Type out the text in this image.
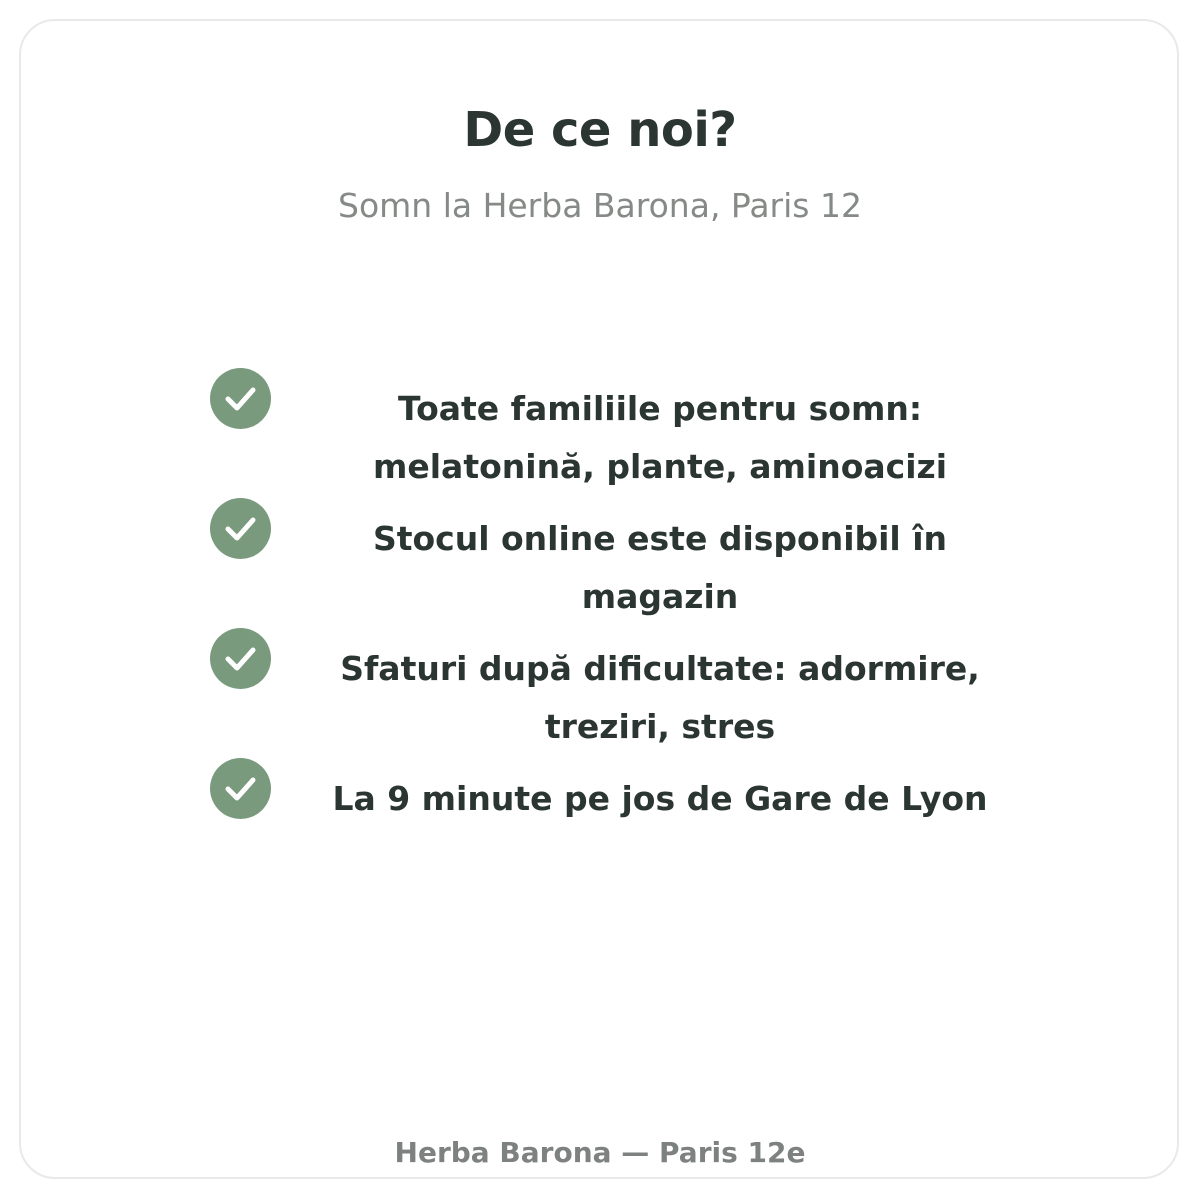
De ce noi?
Somn la Herba Barona, Paris 12
Toate familiile pentru somn: melatonină, plante, aminoacizi
Stocul online este disponibil în magazin
Sfaturi după dificultate: adormire, treziri, stres
La 9 minute pe jos de Gare de Lyon
Herba Barona — Paris 12e
